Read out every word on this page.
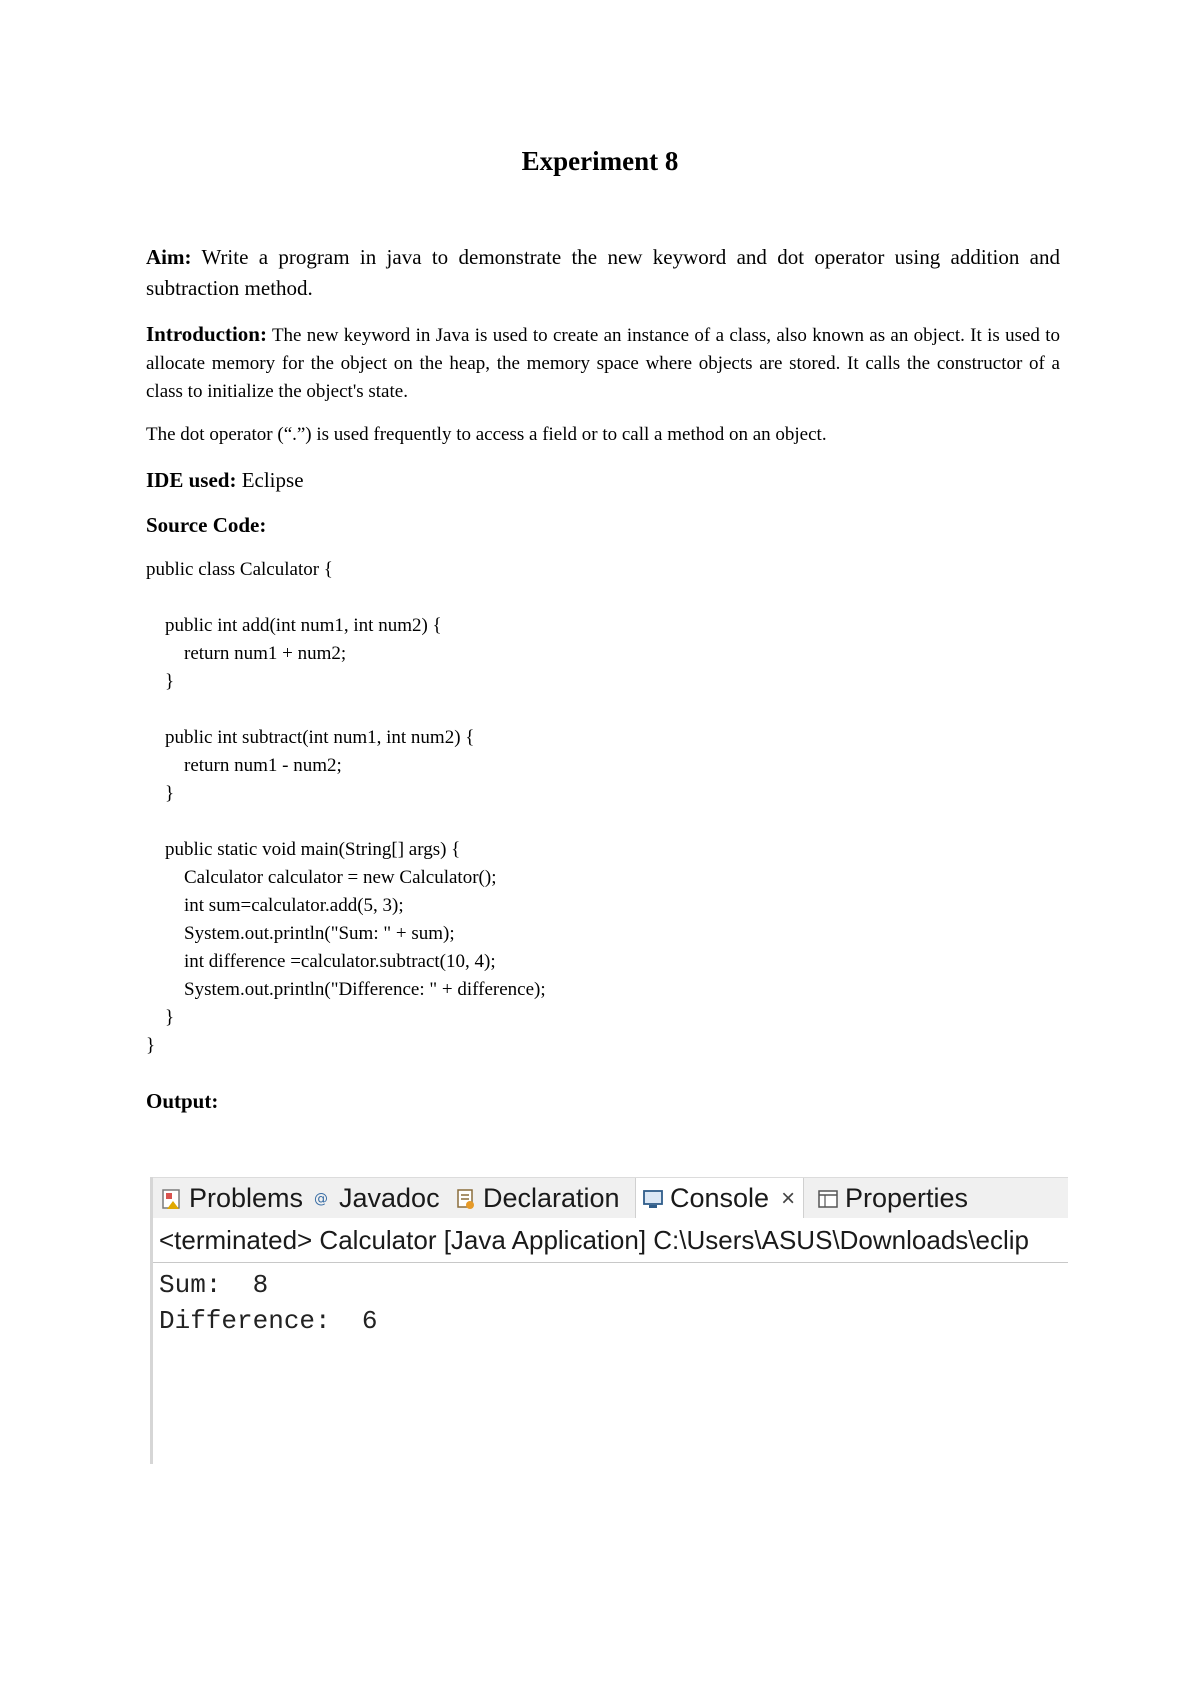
Experiment 8

Aim: Write a program in java to demonstrate the new keyword and dot operator using addition and subtraction method.

Introduction: The new keyword in Java is used to create an instance of a class, also known as an object. It is used to allocate memory for the object on the heap, the memory space where objects are stored. It calls the constructor of a class to initialize the object's state.

The dot operator (“.”) is used frequently to access a field or to call a method on an object.

IDE used: Eclipse

Source Code:

public class Calculator {
public int add(int num1, int num2) {
return num1 + num2;
}
public int subtract(int num1, int num2) {
return num1 - num2;
}
public static void main(String[] args) {
Calculator calculator = new Calculator();
int sum=calculator.add(5, 3);
System.out.println("Sum: " + sum);
int difference =calculator.subtract(10, 4);
System.out.println("Difference: " + difference);
}
}

Output:

Problems @ Javadoc Declaration Console × Properties
<terminated> Calculator [Java Application] C:\Users\ASUS\Downloads\eclip
Sum:  8
Difference:  6
